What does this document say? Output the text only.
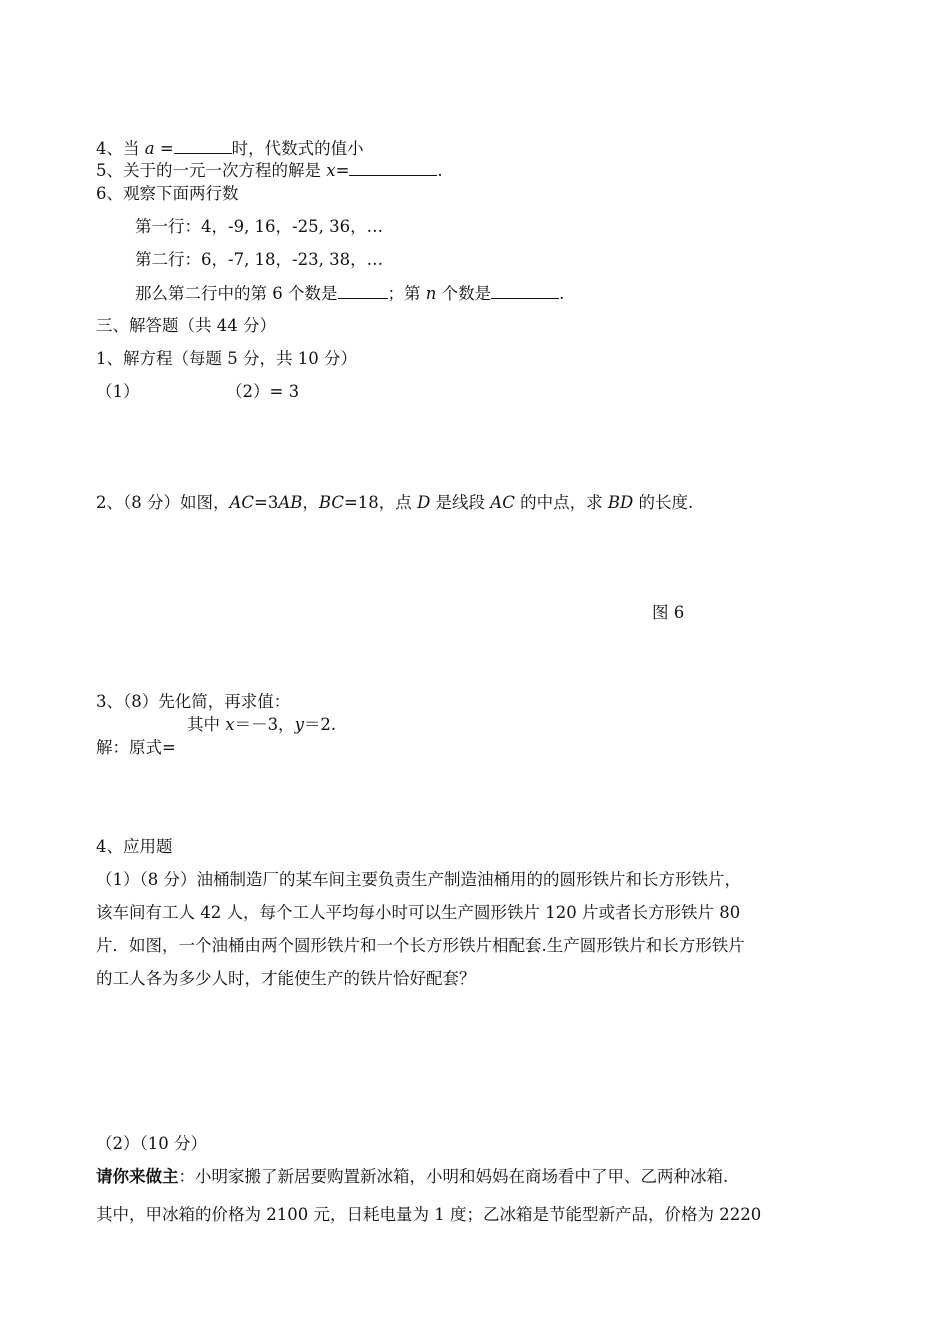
4、当 a =	时，代数式的值小
5、关于的一元一次方程的解是 x=	.
6、观察下面两行数
第一行：4，-9, 16，-25, 36，…
第二行：6，-7, 18，-23, 38，…
那么第二行中的第 6 个数是	；第 n 个数是	.
三、解答题（共 44 分）
1、解方程（每题 5 分，共 10 分）
（1）	（2）= 3
2、（8 分）如图，AC=3AB，BC=18，点 D 是线段 AC 的中点，求 BD 的长度.
图 6
3、（8）先化简，再求值：
其中 x＝－3，y＝2.
解：原式=
4、应用题
（1）（8 分）油桶制造厂的某车间主要负责生产制造油桶用的的圆形铁片和长方形铁片，
该车间有工人 42 人，每个工人平均每小时可以生产圆形铁片 120 片或者长方形铁片 80
片．如图，一个油桶由两个圆形铁片和一个长方形铁片相配套.生产圆形铁片和长方形铁片
的工人各为多少人时，才能使生产的铁片恰好配套？
（2）（10 分）
请你来做主：小明家搬了新居要购置新冰箱，小明和妈妈在商场看中了甲、乙两种冰箱.
其中，甲冰箱的价格为 2100 元，日耗电量为 1 度；乙冰箱是节能型新产品，价格为 2220
